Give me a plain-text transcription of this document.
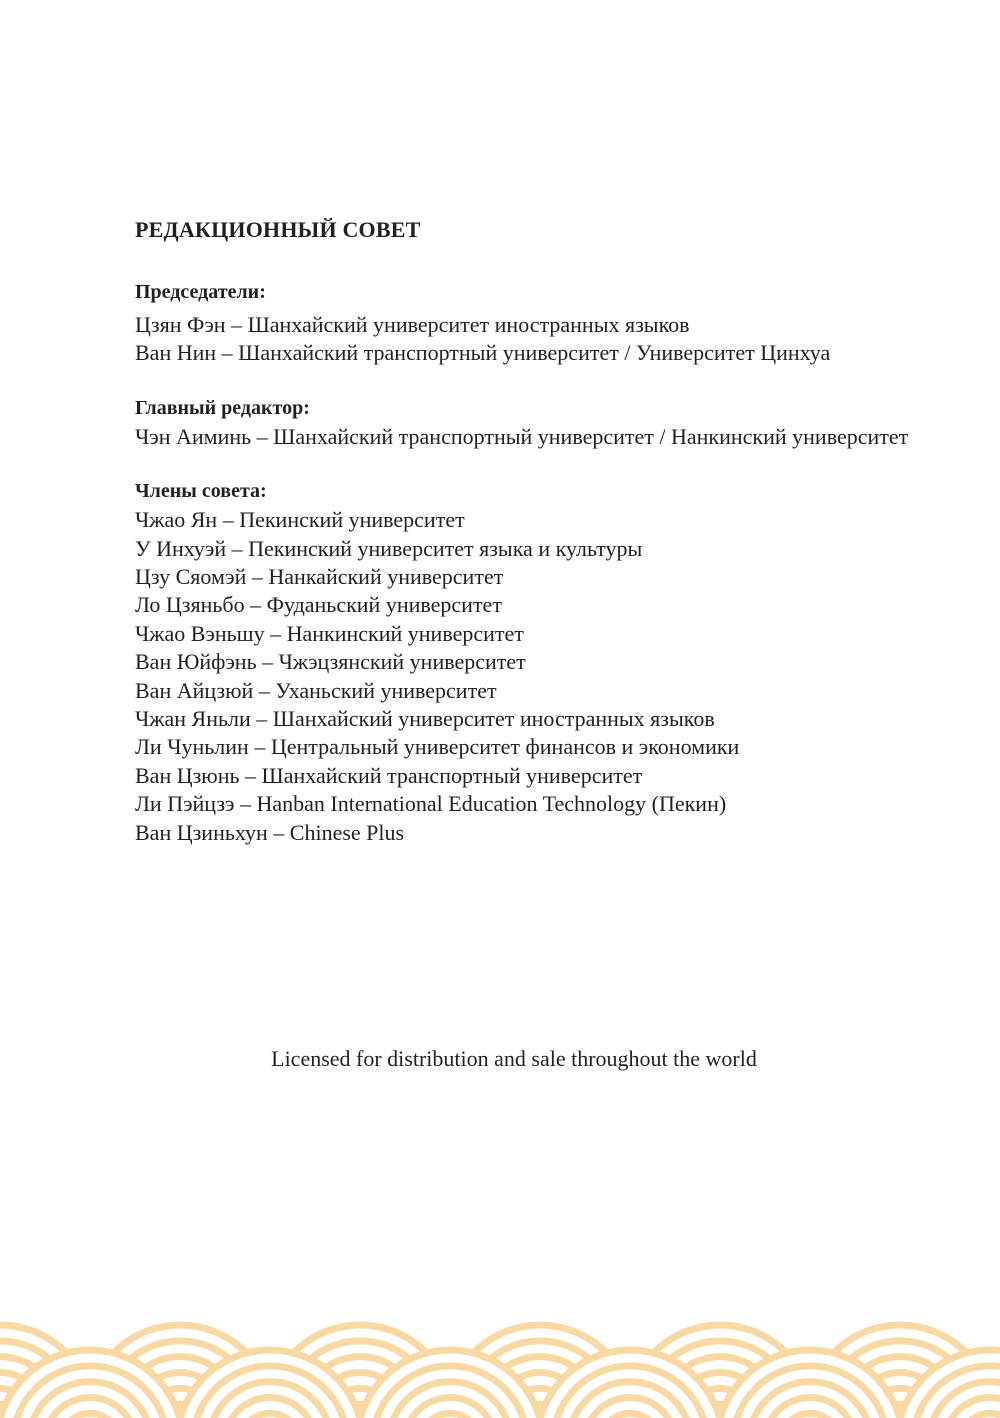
РЕДАКЦИОННЫЙ СОВЕТ
Председатели:

Цзян Фэн – Шанхайский университет иностранных языков

Ван Нин – Шанхайский транспортный университет / Университет Цинхуа

Главный редактор:

Чэн Аиминь – Шанхайский транспортный университет / Нанкинский университет

Члены совета:

Чжао Ян – Пекинский университет

У Инхуэй – Пекинский университет языка и культуры

Цзу Сяомэй – Нанкайский университет

Ло Цзяньбо – Фуданьский университет

Чжао Вэньшу – Нанкинский университет

Ван Юйфэнь – Чжэцзянский университет

Ван Айцзюй – Уханьский университет

Чжан Яньли – Шанхайский университет иностранных языков

Ли Чуньлин – Центральный университет финансов и экономики

Ван Цзюнь – Шанхайский транспортный университет

Ли Пэйцзэ – Hanban International Education Technology (Пекин)

Ван Цзиньхун – Chinese Plus

Licensed for distribution and sale throughout the world
